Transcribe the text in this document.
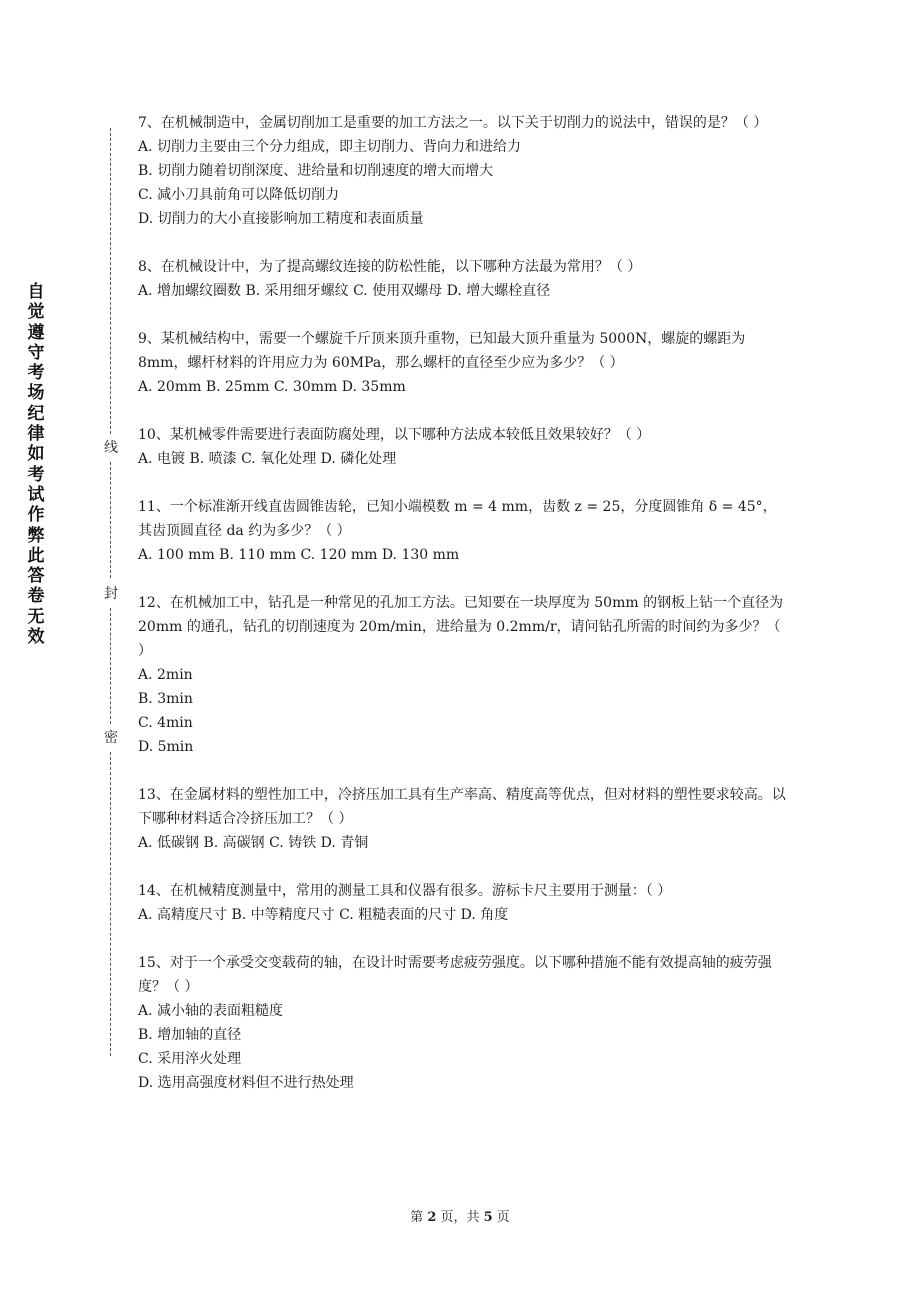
自
觉
遵
守
考
场
纪
律
如
考
试
作
弊
此
答
卷
无
效
线
封
密

7、在机械制造中，金属切削加工是重要的加工方法之一。以下关于切削力的说法中，错误的是？（ ）

A. 切削力主要由三个分力组成，即主切削力、背向力和进给力

B. 切削力随着切削深度、进给量和切削速度的增大而增大

C. 减小刀具前角可以降低切削力

D. 切削力的大小直接影响加工精度和表面质量

8、在机械设计中，为了提高螺纹连接的防松性能，以下哪种方法最为常用？（ ）

A. 增加螺纹圈数 B. 采用细牙螺纹 C. 使用双螺母 D. 增大螺栓直径

9、某机械结构中，需要一个螺旋千斤顶来顶升重物，已知最大顶升重量为 5000N，螺旋的螺距为 8mm，螺杆材料的许用应力为 60MPa，那么螺杆的直径至少应为多少？（ ）

A. 20mm B. 25mm C. 30mm D. 35mm

10、某机械零件需要进行表面防腐处理，以下哪种方法成本较低且效果较好？（ ）

A. 电镀 B. 喷漆 C. 氧化处理 D. 磷化处理

11、一个标准渐开线直齿圆锥齿轮，已知小端模数 m = 4 mm，齿数 z = 25，分度圆锥角 δ = 45°，其齿顶圆直径 da 约为多少？（ ）

A. 100 mm B. 110 mm C. 120 mm D. 130 mm

12、在机械加工中，钻孔是一种常见的孔加工方法。已知要在一块厚度为 50mm 的钢板上钻一个直径为 20mm 的通孔，钻孔的切削速度为 20m/min，进给量为 0.2mm/r，请问钻孔所需的时间约为多少？（ ）

A. 2min

B. 3min

C. 4min

D. 5min

13、在金属材料的塑性加工中，冷挤压加工具有生产率高、精度高等优点，但对材料的塑性要求较高。以下哪种材料适合冷挤压加工？（ ）

A. 低碳钢 B. 高碳钢 C. 铸铁 D. 青铜

14、在机械精度测量中，常用的测量工具和仪器有很多。游标卡尺主要用于测量：（ ）

A. 高精度尺寸 B. 中等精度尺寸 C. 粗糙表面的尺寸 D. 角度

15、对于一个承受交变载荷的轴，在设计时需要考虑疲劳强度。以下哪种措施不能有效提高轴的疲劳强度？（ ）

A. 减小轴的表面粗糙度

B. 增加轴的直径

C. 采用淬火处理

D. 选用高强度材料但不进行热处理

第 2 页，共 5 页
